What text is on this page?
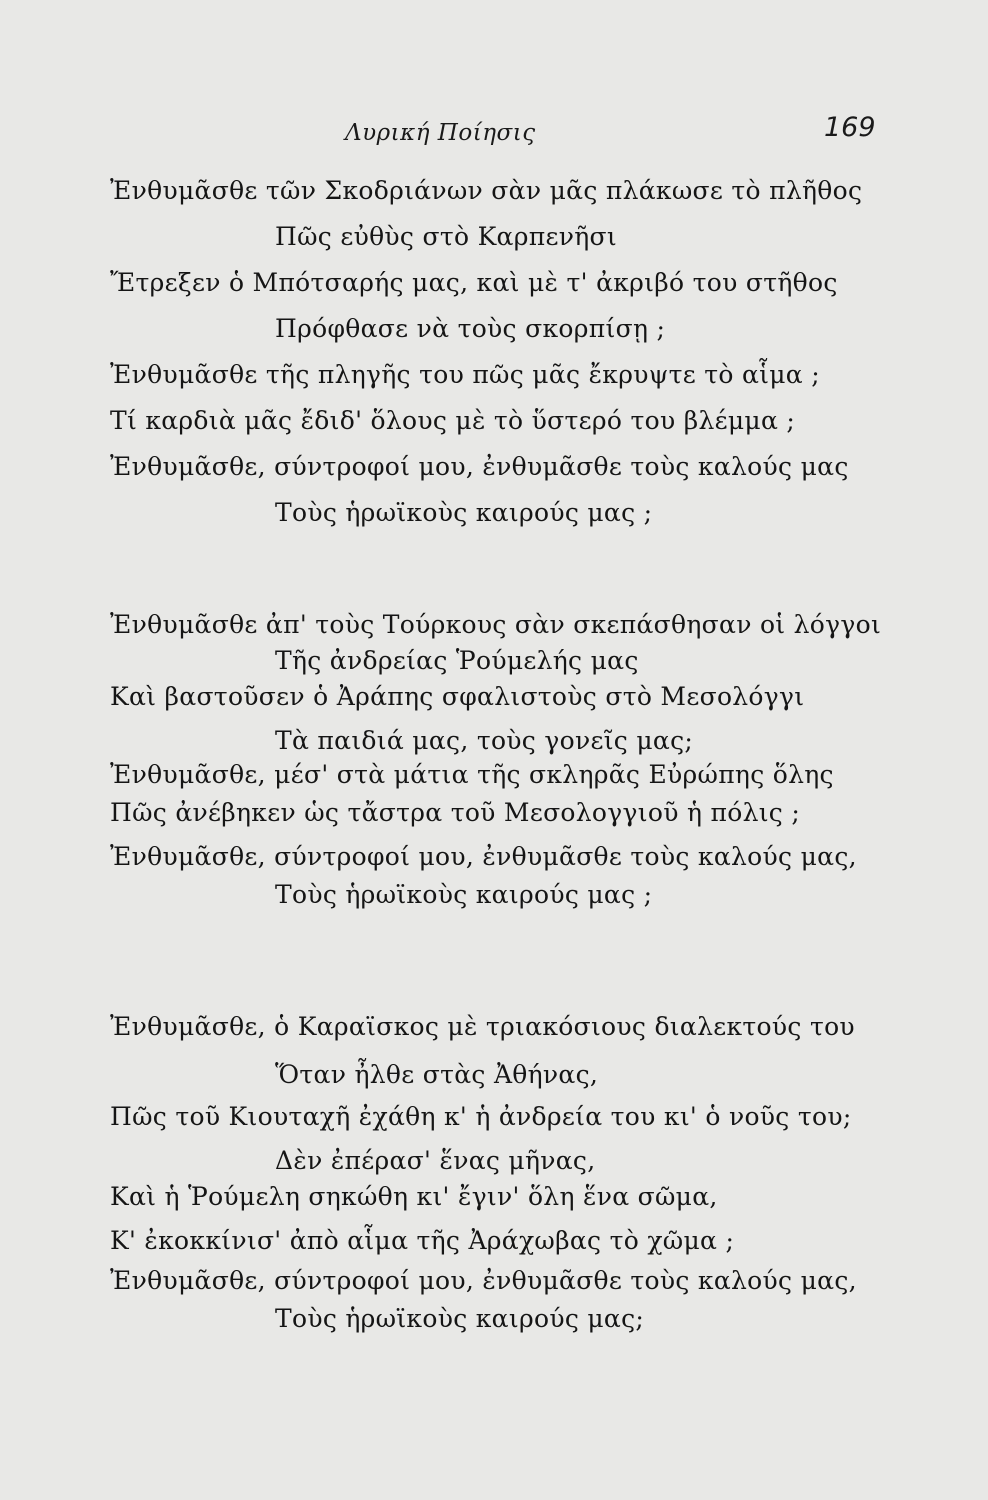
Λυρική Ποίησις	169
Ἐνθυμᾶσθε τῶν Σκοδριάνων σὰν μᾶς πλάκωσε τὸ πλῆθος
Πῶς εὐθὺς στὸ Καρπενῆσι
Ἔτρεξεν ὁ Μπότσαρής μας, καὶ μὲ τ' ἀκριβό του στῆθος
Πρόφθασε νὰ τοὺς σκορπίσῃ ;
Ἐνθυμᾶσθε τῆς πληγῆς του πῶς μᾶς ἔκρυψτε τὸ αἷμα ;
Τί καρδιὰ μᾶς ἔδιδ' ὅλους μὲ τὸ ὕστερό του βλέμμα ;
Ἐνθυμᾶσθε, σύντροφοί μου, ἐνθυμᾶσθε τοὺς καλούς μας
Τοὺς ἡρωϊκοὺς καιρούς μας ;
Ἐνθυμᾶσθε ἀπ' τοὺς Τούρκους σὰν σκεπάσθησαν οἱ λόγγοι
Τῆς ἀνδρείας Ῥούμελής μας
Καὶ βαστοῦσεν ὁ Ἀράπης σφαλιστοὺς στὸ Μεσολόγγι
Τὰ παιδιά μας, τοὺς γονεῖς μας;
Ἐνθυμᾶσθε, μέσ' στὰ μάτια τῆς σκληρᾶς Εὐρώπης ὅλης
Πῶς ἀνέβηκεν ὡς τἄστρα τοῦ Μεσολογγιοῦ ἡ πόλις ;
Ἐνθυμᾶσθε, σύντροφοί μου, ἐνθυμᾶσθε τοὺς καλούς μας,
Τοὺς ἡρωϊκοὺς καιρούς μας ;
Ἐνθυμᾶσθε, ὁ Καραϊσκος μὲ τριακόσιους διαλεκτούς του
Ὅταν ἦλθε στὰς Ἀθήνας,
Πῶς τοῦ Κιουταχῆ ἐχάθη κ' ἡ ἀνδρεία του κι' ὁ νοῦς του;
Δὲν ἐπέρασ' ἕνας μῆνας,
Καὶ ἡ Ῥούμελη σηκώθη κι' ἔγιν' ὅλη ἕνα σῶμα,
Κ' ἐκοκκίνισ' ἀπὸ αἷμα τῆς Ἀράχωβας τὸ χῶμα ;
Ἐνθυμᾶσθε, σύντροφοί μου, ἐνθυμᾶσθε τοὺς καλούς μας,
Τοὺς ἡρωϊκοὺς καιρούς μας;
